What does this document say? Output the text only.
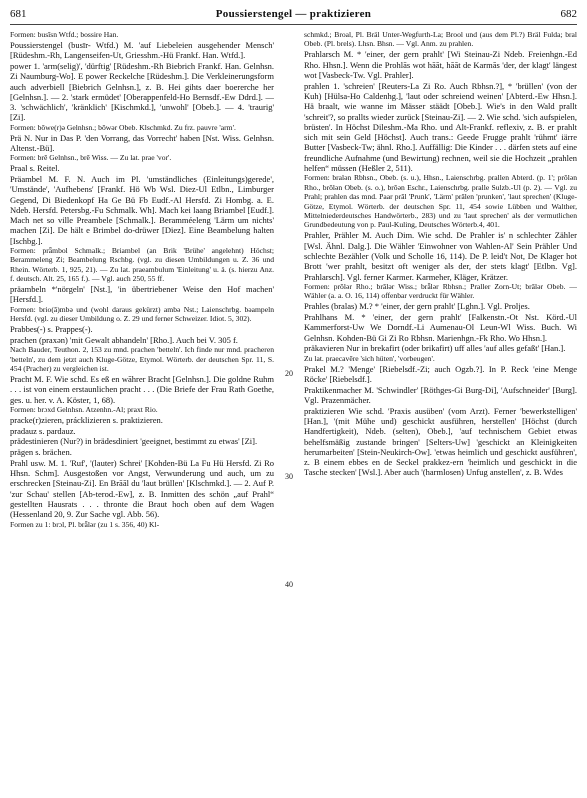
681	Poussierstengel — praktizieren	682

Formen: busīsn Wtfd.; bossire Han.

Poussierstengel (busīr- Wtfd.) M. 'auf Liebeleien ausgehender Mensch' [Rüdeshm.-Rh, Langenseifen-Ut, Griesshm.-Hü Frankf. Han. Wtfd.].

power 1. 'arm(selig)', 'dürftig' [Rüdeshm.-Rh Biebrich Frankf. Han. Gelnhsn. Zi Naumburg-Wo]. E power Reckelche [Rüdeshm.]. Die Verkleinerungsform auch adverbiell [Biebrich Gelnhsn.], z. B. Hei gihts daer boererche her [Gelnhsn.]. — 2. 'stark ermüdet' [Oberappenfeld-Ho Bernsdf.-Ew Ddrd.]. — 3. 'schwächlich', 'kränklich' [Kischmkd.], 'unwohl' [Obeb.]. — 4. 'traurig' [Zi].

Formen: bōwe(r)ə Gelnhsn.; bōwər Obeb. Klschmkd. Zu frz. pauvre 'arm'.

Prä N. Nur in Das P. 'den Vorrang, das Vorrecht' haben [Nst. Wiss. Gelnhsn. Altenst.-Bü].

Formen: brē Gelnhsn., brē Wiss. — Zu lat. prae 'vor'.

Praal s. Reitel.

Präambel M. F. N. Auch im Pl. 'umständliches (Einleitungs)gerede', 'Umstände', 'Aufhebens' [Frankf. Hö Wb Wsl. Diez-Ul Etlbn., Limburger Gegend, Di Biedenkopf Ha Ge Bü Fb Eudf.-Al Hersfd. Zi Hombg. a. E. Ndeb. Hersfd. Petersbg.-Fu Schmalk. Wh]. Mach kei laang Briambel [Eudf.]. Mach net so ville Preambele [Schmalk.]. Beramméeleng 'Lärm um nichts' machen [Zi]. De hält e Brimbel do-drüwer [Diez]. Eine Beambelung halten [Ischbg.].

Formen: prǟmbol Schmalk.; Briambel (an Brik 'Brühe' angelehnt) Höchst; Berammeleng Zi; Beambelung Rschbg. (vgl. zu diesen Umbildungen u. Z. 36 und Rhein. Wörterb. 1, 925, 21). — Zu lat. praeambulum 'Einleitung' u. ä. (s. hierzu Anz. f. deutsch. Alt. 25, 165 f.). — Vgl. auch 250, 55 ff.

präambeln *'nörgeln' [Nst.], 'in übertriebener Weise den Hof machen' [Hersfd.].

Formen: brio(ā)mbə und (wohl daraus gekürzt) ambə Nst.; Laienschrbg. bəampeln Hersfd. (vgl. zu dieser Umbildung o. Z. 29 und ferner Schweizer. Idiot. 5, 302).

Prabbes(-) s. Prappes(-).

prachen (praxən) 'mit Gewalt abhandeln' [Rho.]. Auch bei V. 305 f.

Nach Bauder, Teuthon. 2, 153 zu mnd. prachen 'betteln'. Ich finde nur mnd. pracheren 'betteln', zu dem jetzt auch Kluge-Götze, Etymol. Wörterb. der deutschen Spr. 11, S. 454 (Pracher) zu vergleichen ist.

Pracht M. F. Wie schd. Es eß en wāhrer Bracht [Gelnhsn.]. Die goldne Ruhm . . . ist von einem erstaunlichen pracht . . . (Die Briefe der Frau Rath Goethe, ges. u. her. v. A. Köster, 1, 68).

Formen: brɔxd Gelnhsn. Atzenhn.-Al; praxt Rio.

pracke(r)zieren, prácklizieren s. praktizieren.

pradauz s. pardauz.

prädestinieren (Nur?) in brädesdiniert 'geeignet, bestimmt zu etwas' [Zi].

prägen s. brächen.

Prahl usw. M. 1. 'Ruf', '(lauter) Schrei' [Kohden-Bü La Fu Hü Hersfd. Zi Ro Hhsn. Schm]. Ausgestoßen vor Angst, Verwunderung und auch, um zu erschrecken [Steinau-Zi]. En Brāāl du 'laut brüllen' [Klschmkd.]. — 2. Auf P. 'zur Schau' stellen [Ab-terod.-Ew], z. B. Inmitten des schön „auf Prahl“ gestellten Hausrats . . . thronte die Braut hoch oben auf dem Wagen (Hessenland 20, 9. Zur Sache vgl. Abb. 56).

Formen zu 1: brɔl, Pl. brǟlər (zu 1 s. 356, 40) Kl-

20
30
40

schmkd.; Broal, Pl. Bräl Unter-Wegfurth-La; Brool und (aus dem Pl.?) Bräl Fulda; bral Obeb. (Pl. brels). Lhsn. Bhsn. — Vgl. Anm. zu prahlen.

Prahlarsch M. * 'einer, der gern prahlt' [Wi Steinau-Zi Ndeb. Freienhgn.-Ed Rho. Hhsn.]. Wenn die Prohlās wot hāāt, hāāt de Karmās 'der, der klagt' längest wot [Vasbeck-Tw. Vgl. Prahler].

prahlen 1. 'schreien' [Reuters-La Zi Ro. Auch Rbhsn.?], * 'brüllen' (von der Kuh) [Hülsa-Ho Caldenhg.], 'laut oder schreiend weinen' [Abterd.-Ew Hhsn.]. Hä braalt, wie wanne im Mässer stäädt [Obeb.]. Wie's in den Wald prallt 'schreit'?, so prallts wieder zurück [Steinau-Zi]. — 2. Wie schd. 'sich aufspielen, brüsten'. In Höchst Dileshm.-Ma Rho. und Alt-Frankf. reflexiv, z. B. er prahlt sich mit sein Geld [Höchst]. Auch trans.: Geede Frugge prahlt 'rühmt' iärre Butter [Vasbeck-Tw; ähnl. Rho.]. Auffällig: Die Kinder . . . därfen stets auf eine freundliche Aufnahme (und Bewirtung) rechnen, weil sie die Hochzeit „prahlen helfen“ müssen (Heßler 2, 511).

Formen: bralən Rbhsn., Obeb. (s. u.), Hhsn., Laienschrbg. prallen Abterd. (p. 1'; prōlən Rho., brōlən Obeb. (s. o.), brōən Eschr., Laienschrbg. pralle Sulzb.-Ul (p. 2). — Vgl. zu Prahl; prahlen das mnd. Paar prāl 'Prunk', 'Lärm' prālen 'prunken', 'laut sprechen' (Kluge-Götze, Etymol. Wörterb. der deutschen Spr. 11, 454 sowie Lübben und Walther, Mittelniederdeutsches Handwörterb., 283) und zu 'laut sprechen' als der vermutlichen Grundbedeutung von p. Paul-Kuling, Deutsches Wörterb.4, 401.

Prahler, Prähler M. Auch Dim. Wie schd. De Prahler is' n schlechter Zähler [Wsl. Ähnl. Dalg.]. Die Wähler 'Einwohner von Wahlen-Al' Sein Prähler Und schlechte Bezähler (Volk und Scholle 16, 114). De P. leid't Not, De Klager hot Brott 'wer prahlt, besitzt oft weniger als der, der stets klagt' [Etlbn. Vg]. Prahlarsch]. Vgl. ferner Karmer. Karmeher, Kläger, Krätzer.

Formen: prōlər Rho.; brālər Wiss.; brǟlər Rbhsn.; Praller Zorn-Ut; brālər Obeb. — Wähler (a. a. O. 16, 114) offenbar verdruckt für Wähler.

Prahles (bralas) M.? * 'einer, der gern prahlt' [Lghn.]. Vgl. Proljes.

Prahlhans M. * 'einer, der gern prahlt' [Falkenstn.-Ot Nst. Körd.-Ul Kammerforst-Uw We Dorndf.-Li Aumenau-Ol Leun-Wl Wiss. Buch. Wi Gelnhsn. Kohden-Bü Gi Zi Ro Rbhsn. Marienhgn.-Fk Rho. Wo Hhsn.].

präkavieren Nur in brekafirt (oder brikafirt) uff alles 'auf alles gefaßt' [Han.].

Zu lat. praecavēre 'sich hüten', 'vorbeugen'.

Prakel M.? 'Menge' [Riebelsdf.-Zi; auch Ogzb.?]. In P. Reck 'eine Menge Röcke' [Riebelsdf.].

Praktikenmacher M. 'Schwindler' [Röthges-Gi Burg-Di], 'Aufschneider' [Burg]. Vgl. Prazenmächer.

praktizieren Wie schd. 'Praxis ausüben' (vom Arzt). Ferner 'bewerkstelligen' [Han.], '(mit Mühe und) geschickt ausführen, herstellen' [Höchst (durch Handfertigkeit), Ndeb. (selten), Obeb.], 'auf technischem Gebiet etwas behelfsmäßig zustande bringen' [Selters-Uw] 'geschickt an Kleinigkeiten herumarbeiten' [Stein-Neukirch-Ow]. 'etwas heimlich und geschickt ausführen', z. B einem ebbes en de Seckel prakkez-ern 'heimlich und geschickt in die Tasche stecken' [Wsl.]. Aber auch '(harmlosen) Unfug anstellen', z. B. Wdes
